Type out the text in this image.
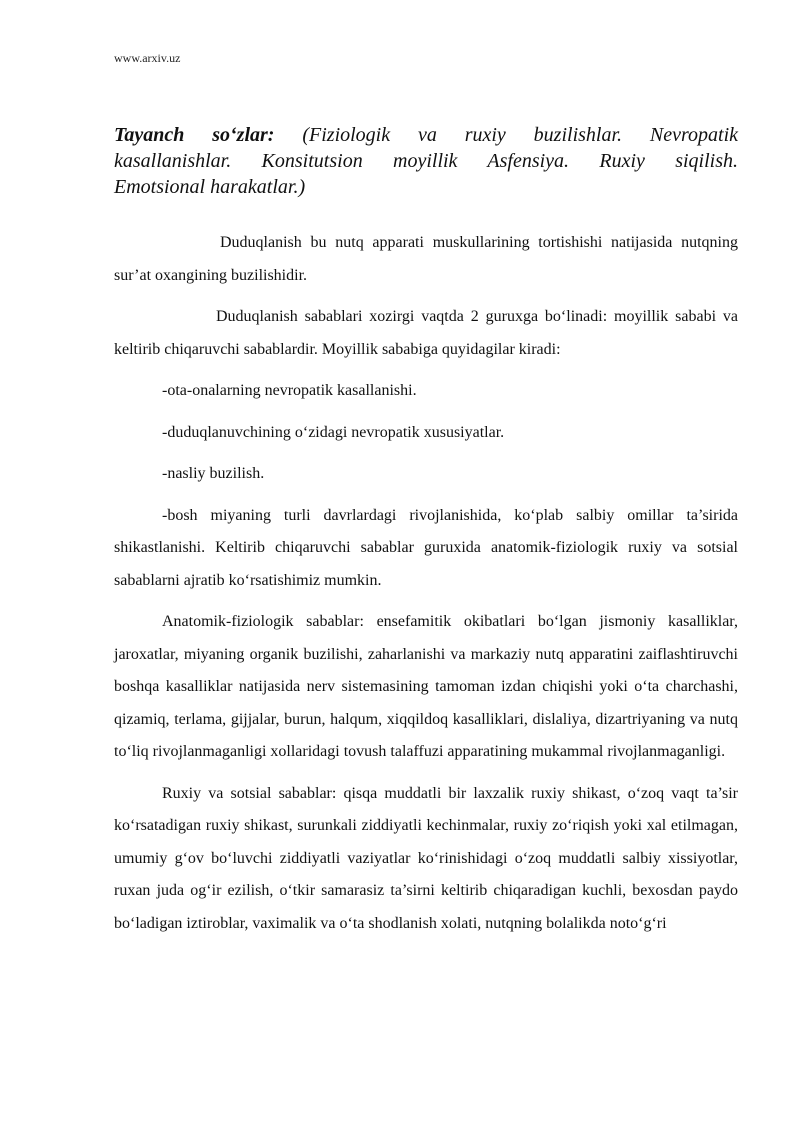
www.arxiv.uz
Tayanch so‘zlar: (Fiziologik va ruxiy buzilishlar. Nevropatik
kasallanishlar. Konsitutsion moyillik Asfensiya. Ruxiy siqilish.
Emotsional harakatlar.)

Duduqlanish bu nutq apparati muskullarining tortishishi natijasida nutqning sur’at oxangining buzilishidir.

Duduqlanish sabablari xozirgi vaqtda 2 guruxga bo‘linadi: moyillik sababi va keltirib chiqaruvchi sabablardir. Moyillik sababiga quyidagilar kiradi:

-ota-onalarning nevropatik kasallanishi.

-duduqlanuvchining o‘zidagi nevropatik xususiyatlar.

-nasliy buzilish.

-bosh miyaning turli davrlardagi rivojlanishida, ko‘plab salbiy omillar ta’sirida shikastlanishi. Keltirib chiqaruvchi sabablar guruxida anatomik-fiziologik ruxiy va sotsial sabablarni ajratib ko‘rsatishimiz mumkin.

Anatomik-fiziologik sabablar: ensefamitik okibatlari bo‘lgan jismoniy kasalliklar, jaroxatlar, miyaning organik buzilishi, zaharlanishi va markaziy nutq apparatini zaiflashtiruvchi boshqa kasalliklar natijasida nerv sistemasining tamoman izdan chiqishi yoki o‘ta charchashi, qizamiq, terlama, gijjalar, burun, halqum, xiqqildoq kasalliklari, dislaliya, dizartriyaning va nutq to‘liq rivojlanmaganligi xollaridagi tovush talaffuzi apparatining mukammal rivojlanmaganligi.

Ruxiy va sotsial sabablar: qisqa muddatli bir laxzalik ruxiy shikast, o‘zoq vaqt ta’sir ko‘rsatadigan ruxiy shikast, surunkali ziddiyatli kechinmalar, ruxiy zo‘riqish yoki xal etilmagan, umumiy g‘ov bo‘luvchi ziddiyatli vaziyatlar ko‘rinishidagi o‘zoq muddatli salbiy xissiyotlar, ruxan juda og‘ir ezilish, o‘tkir samarasiz ta’sirni keltirib chiqaradigan kuchli, bexosdan paydo bo‘ladigan iztiroblar, vaximalik va o‘ta shodlanish xolati, nutqning bolalikda noto‘g‘ri
